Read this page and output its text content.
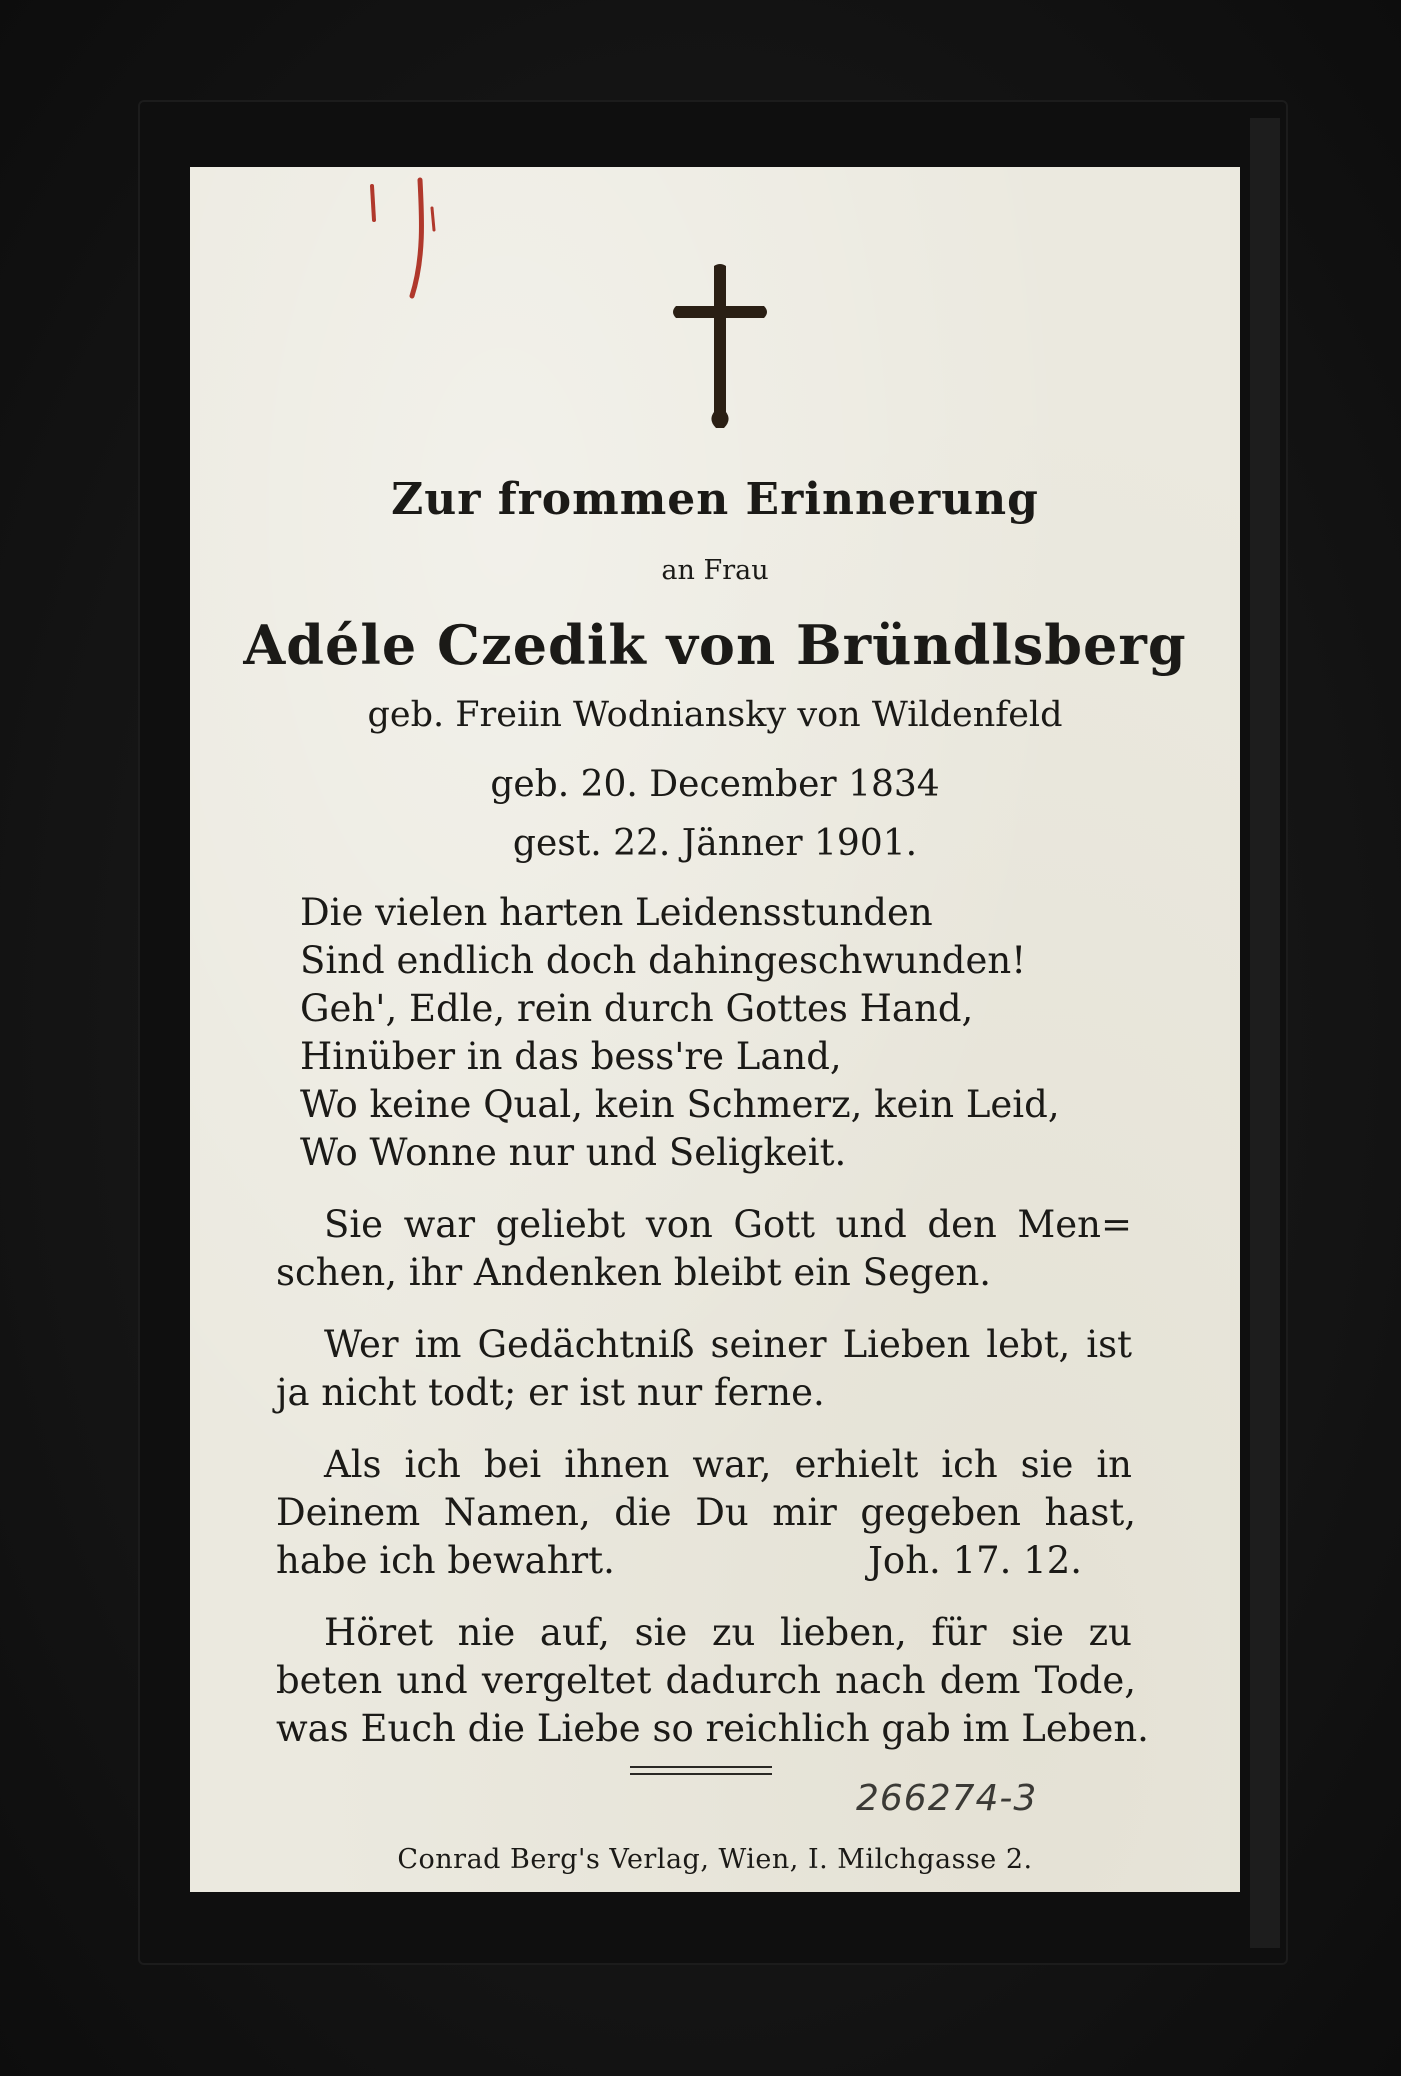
Zur frommen Erinnerung

an Frau

Adéle Czedik von Bründlsberg

geb. Freiin Wodniansky von Wildenfeld

geb. 20. December 1834

gest. 22. Jänner 1901.

Die vielen harten Leidensstunden

Sind endlich doch dahingeschwunden!

Geh', Edle, rein durch Gottes Hand,

Hinüber in das bess're Land,

Wo keine Qual, kein Schmerz, kein Leid,

Wo Wonne nur und Seligkeit.

Sie war geliebt von Gott und den Men=

schen, ihr Andenken bleibt ein Segen.

Wer im Gedächtniß seiner Lieben lebt, ist

ja nicht todt; er ist nur ferne.

Als ich bei ihnen war, erhielt ich sie in

Deinem Namen, die Du mir gegeben hast,

habe ich bewahrt.	Joh. 17. 12.

Höret nie auf, sie zu lieben, für sie zu

beten und vergeltet dadurch nach dem Tode,

was Euch die Liebe so reichlich gab im Leben.

266274-3

Conrad Berg's Verlag, Wien, I. Milchgasse 2.
